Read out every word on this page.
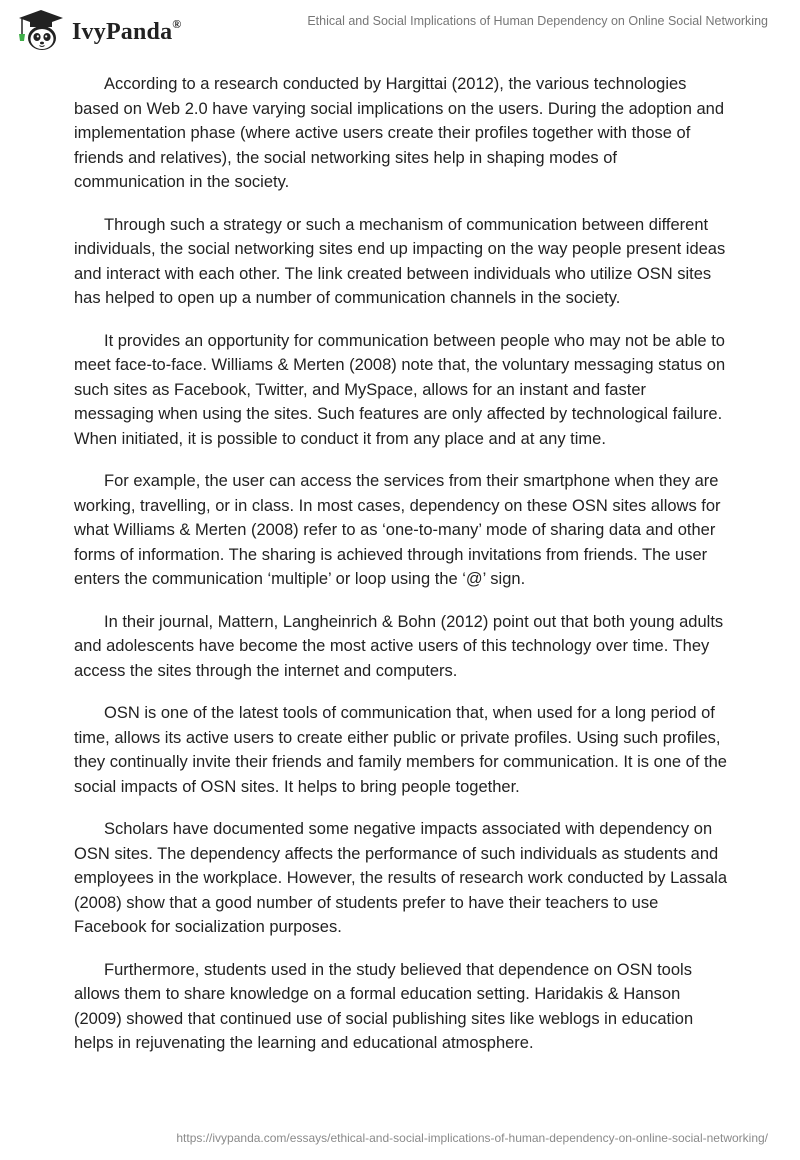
IvyPanda®	Ethical and Social Implications of Human Dependency on Online Social Networking

According to a research conducted by Hargittai (2012), the various technologies based on Web 2.0 have varying social implications on the users. During the adoption and implementation phase (where active users create their profiles together with those of friends and relatives), the social networking sites help in shaping modes of communication in the society.

Through such a strategy or such a mechanism of communication between different individuals, the social networking sites end up impacting on the way people present ideas and interact with each other. The link created between individuals who utilize OSN sites has helped to open up a number of communication channels in the society.

It provides an opportunity for communication between people who may not be able to meet face-to-face. Williams & Merten (2008) note that, the voluntary messaging status on such sites as Facebook, Twitter, and MySpace, allows for an instant and faster messaging when using the sites. Such features are only affected by technological failure. When initiated, it is possible to conduct it from any place and at any time.

For example, the user can access the services from their smartphone when they are working, travelling, or in class. In most cases, dependency on these OSN sites allows for what Williams & Merten (2008) refer to as ‘one-to-many’ mode of sharing data and other forms of information. The sharing is achieved through invitations from friends. The user enters the communication ‘multiple’ or loop using the ‘@’ sign.

In their journal, Mattern, Langheinrich & Bohn (2012) point out that both young adults and adolescents have become the most active users of this technology over time. They access the sites through the internet and computers.

OSN is one of the latest tools of communication that, when used for a long period of time, allows its active users to create either public or private profiles. Using such profiles, they continually invite their friends and family members for communication. It is one of the social impacts of OSN sites. It helps to bring people together.

Scholars have documented some negative impacts associated with dependency on OSN sites. The dependency affects the performance of such individuals as students and employees in the workplace. However, the results of research work conducted by Lassala (2008) show that a good number of students prefer to have their teachers to use Facebook for socialization purposes.

Furthermore, students used in the study believed that dependence on OSN tools allows them to share knowledge on a formal education setting. Haridakis & Hanson (2009) showed that continued use of social publishing sites like weblogs in education helps in rejuvenating the learning and educational atmosphere.

https://ivypanda.com/essays/ethical-and-social-implications-of-human-dependency-on-online-social-networking/
